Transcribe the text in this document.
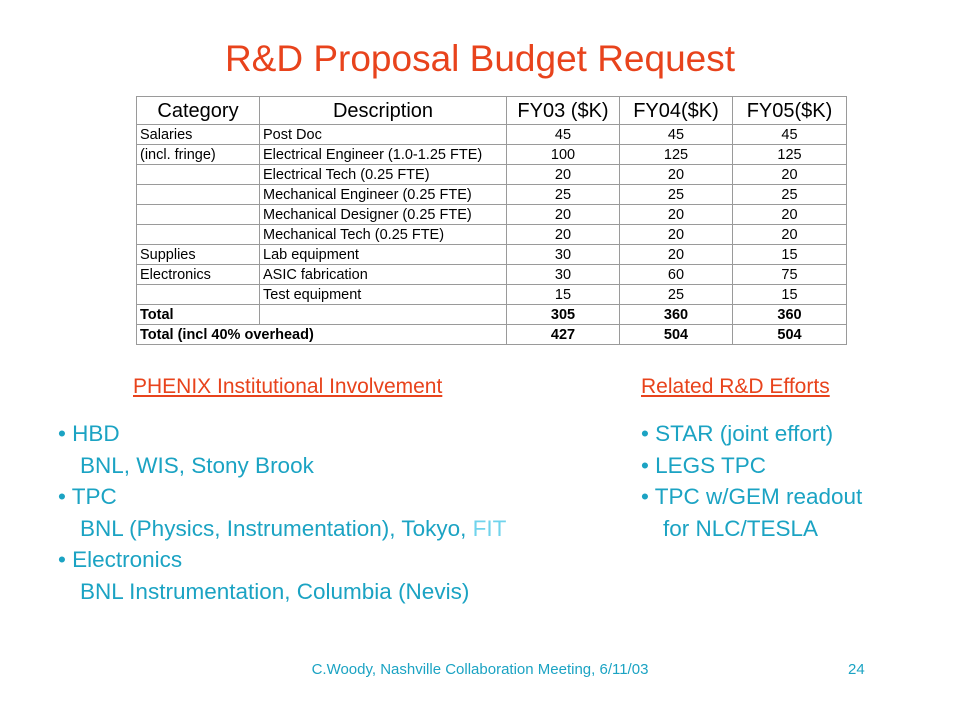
R&D Proposal Budget Request
Category	Description	FY03 ($K)	FY04($K)	FY05($K)
Salaries	Post Doc	45	45	45
(incl. fringe)	Electrical Engineer (1.0-1.25 FTE)	100	125	125
	Electrical Tech (0.25 FTE)	20	20	20
	Mechanical Engineer (0.25 FTE)	25	25	25
	Mechanical Designer (0.25 FTE)	20	20	20
	Mechanical Tech (0.25 FTE)	20	20	20
Supplies	Lab equipment	30	20	15
Electronics	ASIC fabrication	30	60	75
	Test equipment	15	25	15
Total		305	360	360
Total (incl 40% overhead)		427	504	504
PHENIX Institutional Involvement	Related R&D Efforts
• HBD
BNL, WIS, Stony Brook
• TPC
BNL (Physics, Instrumentation), Tokyo, FIT
• Electronics
BNL Instrumentation, Columbia (Nevis)
• STAR (joint effort)
• LEGS TPC
• TPC w/GEM readout
for NLC/TESLA
C.Woody, Nashville Collaboration Meeting, 6/11/03	24
